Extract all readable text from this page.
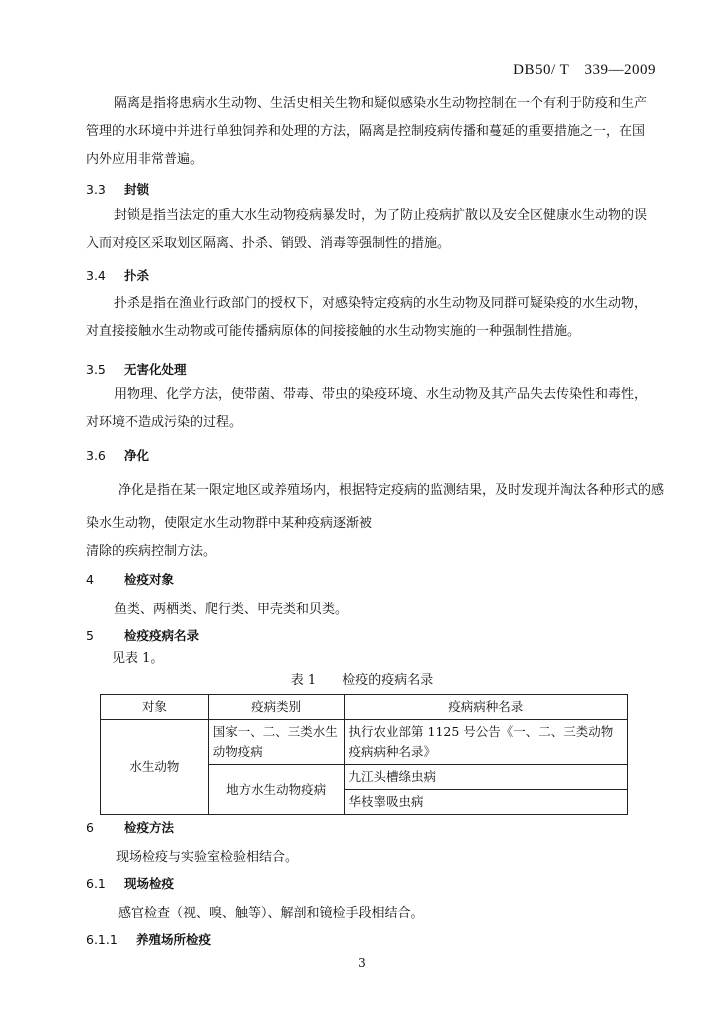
DB50/ T　339—2009
隔离是指将患病水生动物、生活史相关生物和疑似感染水生动物控制在一个有利于防疫和生产管理的水环境中并进行单独饲养和处理的方法，隔离是控制疫病传播和蔓延的重要措施之一，在国内外应用非常普遍。
3.3 封锁
封锁是指当法定的重大水生动物疫病暴发时，为了防止疫病扩散以及安全区健康水生动物的误入而对疫区采取划区隔离、扑杀、销毁、消毒等强制性的措施。
3.4 扑杀
扑杀是指在渔业行政部门的授权下，对感染特定疫病的水生动物及同群可疑染疫的水生动物，对直接接触水生动物或可能传播病原体的间接接触的水生动物实施的一种强制性措施。
3.5 无害化处理
用物理、化学方法，使带菌、带毒、带虫的染疫环境、水生动物及其产品失去传染性和毒性，对环境不造成污染的过程。
3.6 净化
净化是指在某一限定地区或养殖场内，根据特定疫病的监测结果，及时发现并淘汰各种形式的感
染水生动物，使限定水生动物群中某种疫病逐渐被
清除的疾病控制方法。
4 检疫对象
鱼类、两栖类、爬行类、甲壳类和贝类。
5 检疫疫病名录
见表 1。
表 1　　检疫的疫病名录
对象	疫病类别	疫病病种名录
水生动物	国家一、二、三类水生动物疫病	执行农业部第 1125 号公告《一、二、三类动物疫病病种名录》
	地方水生动物疫病	九江头槽绦虫病
		华枝睾吸虫病
6 检疫方法
现场检疫与实验室检验相结合。
6.1 现场检疫
感官检查（视、嗅、触等）、解剖和镜检手段相结合。
6.1.1 养殖场所检疫
3
